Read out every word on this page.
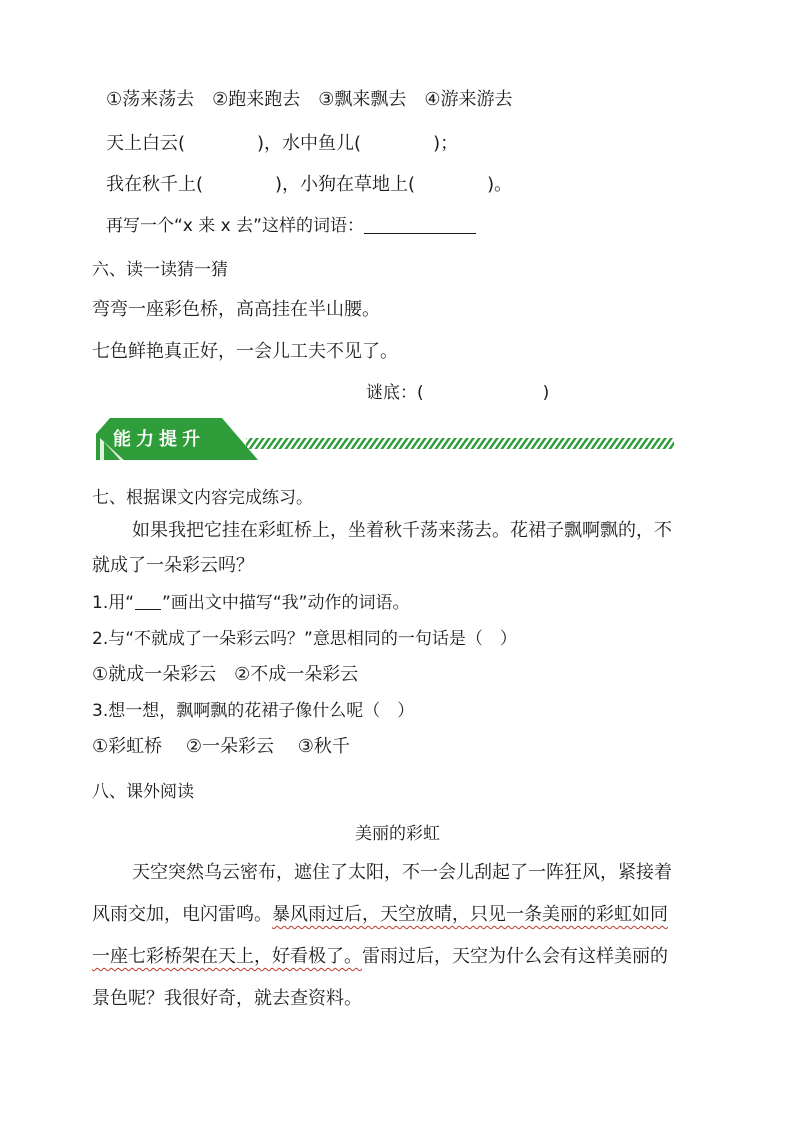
①荡来荡去　②跑来跑去　③飘来飘去　④游来游去
天上白云(　　　　)，水中鱼儿(　　　　)；
我在秋千上(　　　　)，小狗在草地上(　　　　)。
再写一个“x 来 x 去”这样的词语：
六、读一读猜一猜
弯弯一座彩色桥，高高挂在半山腰。
七色鲜艳真正好，一会儿工夫不见了。
谜底：(　　　　　　　)
能力提升
七、根据课文内容完成练习。
如果我把它挂在彩虹桥上，坐着秋千荡来荡去。花裙子飘啊飘的，不
就成了一朵彩云吗？
1.用“ ”画出文中描写“我”动作的词语。
2.与“不就成了一朵彩云吗？”意思相同的一句话是（　）
①就成一朵彩云　②不成一朵彩云
3.想一想，飘啊飘的花裙子像什么呢（　）
①彩虹桥　 ②一朵彩云　 ③秋千
八、课外阅读
美丽的彩虹
天空突然乌云密布，遮住了太阳，不一会儿刮起了一阵狂风，紧接着
风雨交加，电闪雷鸣。暴风雨过后，天空放晴，只见一条美丽的彩虹如同
一座七彩桥架在天上，好看极了。雷雨过后，天空为什么会有这样美丽的
景色呢？我很好奇，就去查资料。
